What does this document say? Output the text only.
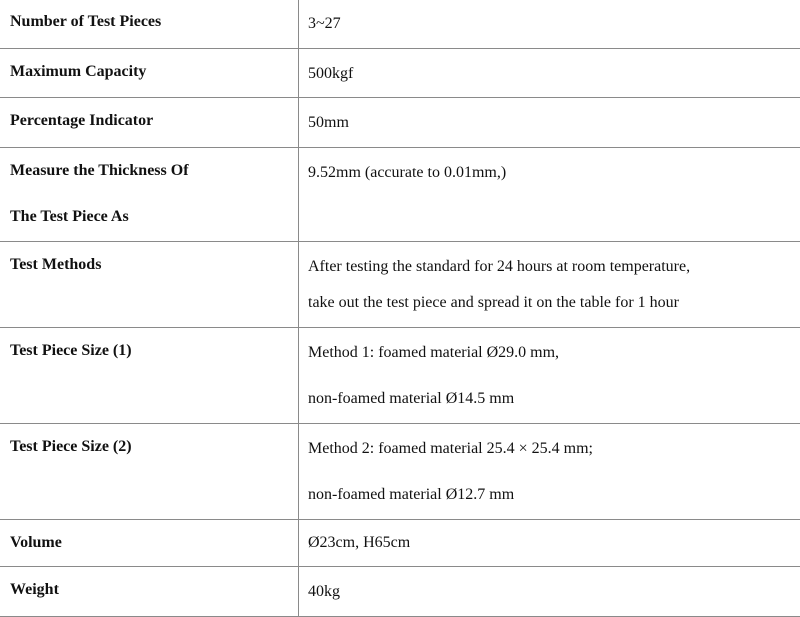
Number of Test Pieces	3~27

Maximum Capacity	500kgf

Percentage Indicator	50mm

Measure the Thickness Of
The Test Piece As	9.52mm (accurate to 0.01mm,)

Test Methods	After testing the standard for 24 hours at room temperature,
take out the test piece and spread it on the table for 1 hour

Test Piece Size (1)	Method 1: foamed material Ø29.0 mm,
non-foamed material Ø14.5 mm

Test Piece Size (2)	Method 2: foamed material 25.4 × 25.4 mm;
non-foamed material Ø12.7 mm

Volume	Ø23cm, H65cm

Weight	40kg
